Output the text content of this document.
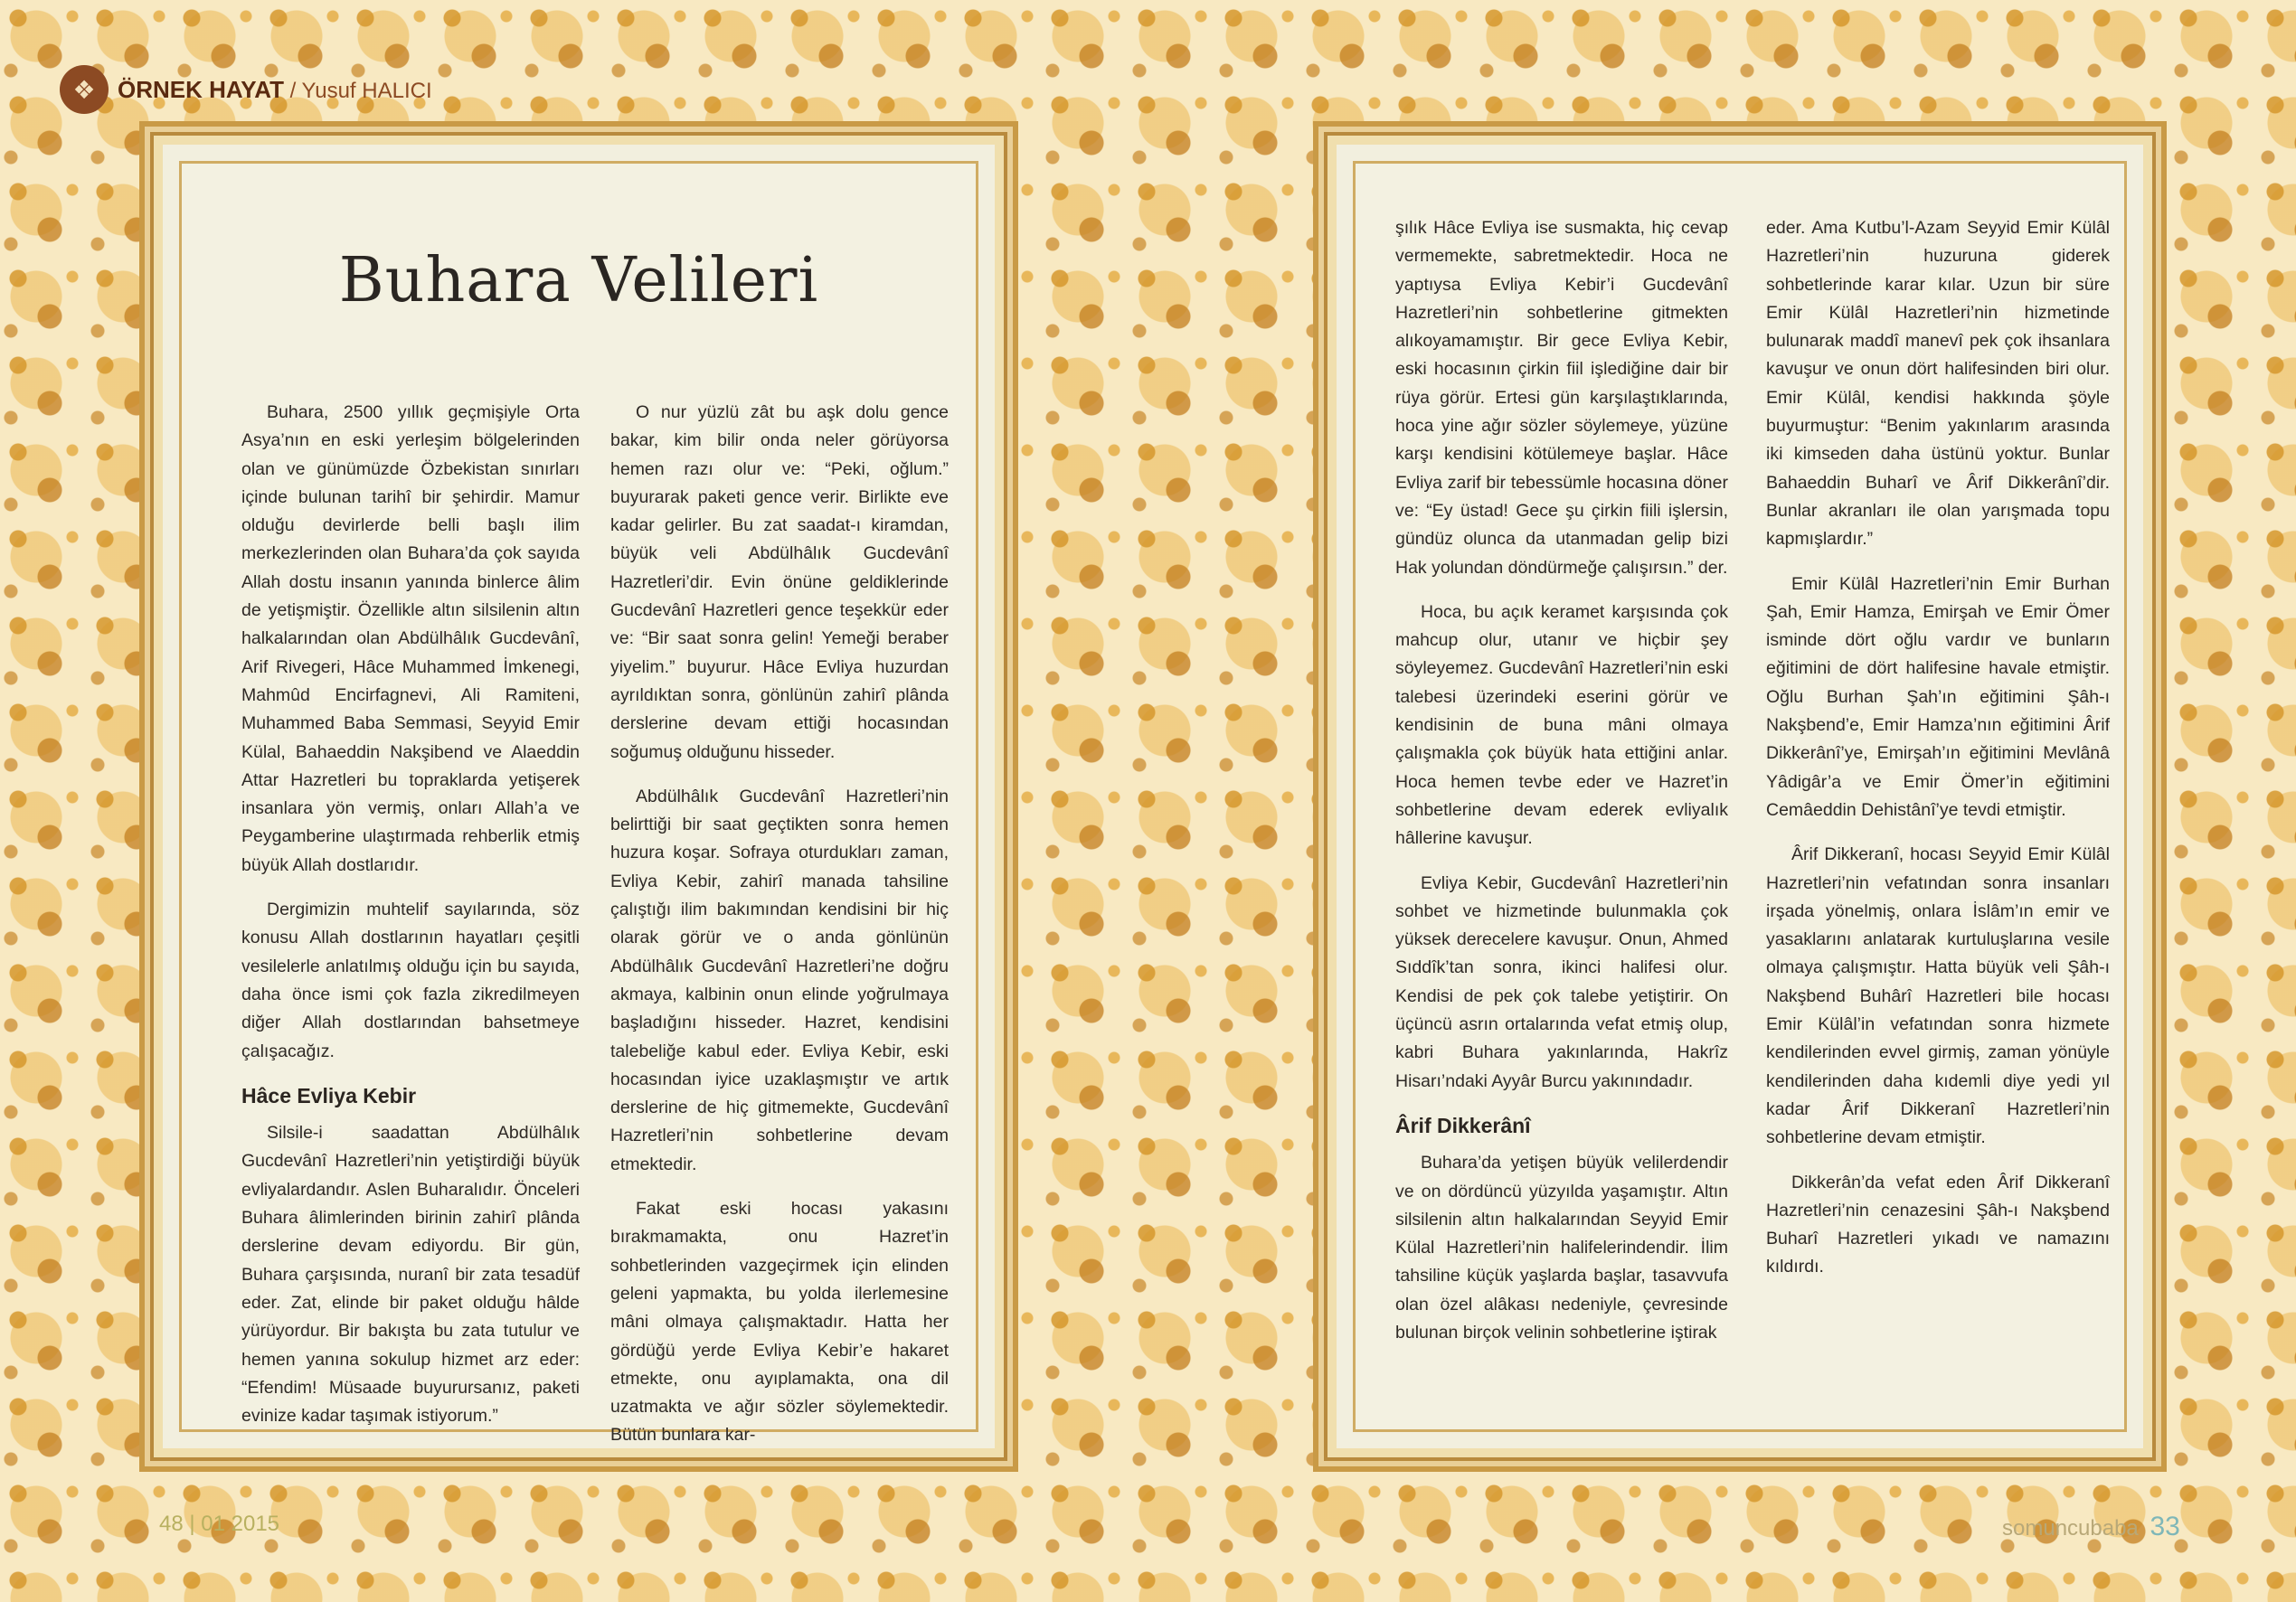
❖ ÖRNEK HAYAT / Yusuf HALICI
Buhara Velileri

Buhara, 2500 yıllık geçmişiyle Orta Asya’nın en eski yerleşim bölgelerinden olan ve günümüzde Özbekistan sınırları içinde bulunan tarihî bir şehirdir. Mamur olduğu devirlerde belli başlı ilim merkezlerinden olan Buhara’da çok sayıda Allah dostu insanın yanında binlerce âlim de yetişmiştir. Özellikle altın silsilenin altın halkalarından olan Abdülhâlık Gucdevânî, Arif Rivegeri, Hâce Muhammed İmkenegi, Mahmûd Encirfagnevi, Ali Ramiteni, Muhammed Baba Semmasi, Seyyid Emir Külal, Bahaeddin Nakşibend ve Alaeddin Attar Hazretleri bu topraklarda yetişerek insanlara yön vermiş, onları Allah’a ve Peygamberine ulaştırmada rehberlik etmiş büyük Allah dostlarıdır.

Dergimizin muhtelif sayılarında, söz konusu Allah dostlarının hayatları çeşitli vesilelerle anlatılmış olduğu için bu sayıda, daha önce ismi çok fazla zikredilmeyen diğer Allah dostlarından bahsetmeye çalışacağız.

Hâce Evliya Kebir

Silsile-i saadattan Abdülhâlık Gucdevânî Hazretleri’nin yetiştirdiği büyük evliyalardandır. Aslen Buharalıdır. Önceleri Buhara âlimlerinden birinin zahirî plânda derslerine devam ediyordu. Bir gün, Buhara çarşısında, nuranî bir zata tesadüf eder. Zat, elinde bir paket olduğu hâlde yürüyordur. Bir bakışta bu zata tutulur ve hemen yanına sokulup hizmet arz eder: “Efendim! Müsaade buyurursanız, paketi evinize kadar taşımak istiyorum.”

O nur yüzlü zât bu aşk dolu gence bakar, kim bilir onda neler görüyorsa hemen razı olur ve: “Peki, oğlum.” buyurarak paketi gence verir. Birlikte eve kadar gelirler. Bu zat saadat-ı kiramdan, büyük veli Abdülhâlık Gucdevânî Hazretleri’dir. Evin önüne geldiklerinde Gucdevânî Hazretleri gence teşekkür eder ve: “Bir saat sonra gelin! Yemeği beraber yiyelim.” buyurur. Hâce Evliya huzurdan ayrıldıktan sonra, gönlünün zahirî plânda derslerine devam ettiği hocasından soğumuş olduğunu hisseder.

Abdülhâlık Gucdevânî Hazretleri’nin belirttiği bir saat geçtikten sonra hemen huzura koşar. Sofraya oturdukları zaman, Evliya Kebir, zahirî manada tahsiline çalıştığı ilim bakımından kendisini bir hiç olarak görür ve o anda gönlünün Abdülhâlık Gucdevânî Hazretleri’ne doğru akmaya, kalbinin onun elinde yoğrulmaya başladığını hisseder. Hazret, kendisini talebeliğe kabul eder. Evliya Kebir, eski hocasından iyice uzaklaşmıştır ve artık derslerine de hiç gitmemekte, Gucdevânî Hazretleri’nin sohbetlerine devam etmektedir.

Fakat eski hocası yakasını bırakmamakta, onu Hazret’in sohbetlerinden vazgeçirmek için elinden geleni yapmakta, bu yolda ilerlemesine mâni olmaya çalışmaktadır. Hatta her gördüğü yerde Evliya Kebir’e hakaret etmekte, onu ayıplamakta, ona dil uzatmakta ve ağır sözler söylemektedir. Bütün bunlara kar-

şılık Hâce Evliya ise susmakta, hiç cevap vermemekte, sabretmektedir. Hoca ne yaptıysa Evliya Kebir’i Gucdevânî Hazretleri’nin sohbetlerine gitmekten alıkoyamamıştır. Bir gece Evliya Kebir, eski hocasının çirkin fiil işlediğine dair bir rüya görür. Ertesi gün karşılaştıklarında, hoca yine ağır sözler söylemeye, yüzüne karşı kendisini kötülemeye başlar. Hâce Evliya zarif bir tebessümle hocasına döner ve: “Ey üstad! Gece şu çirkin fiili işlersin, gündüz olunca da utanmadan gelip bizi Hak yolundan döndürmeğe çalışırsın.” der.

Hoca, bu açık keramet karşısında çok mahcup olur, utanır ve hiçbir şey söyleyemez. Gucdevânî Hazretleri’nin eski talebesi üzerindeki eserini görür ve kendisinin de buna mâni olmaya çalışmakla çok büyük hata ettiğini anlar. Hoca hemen tevbe eder ve Hazret’in sohbetlerine devam ederek evliyalık hâllerine kavuşur.

Evliya Kebir, Gucdevânî Hazretleri’nin sohbet ve hizmetinde bulunmakla çok yüksek derecelere kavuşur. Onun, Ahmed Sıddîk’tan sonra, ikinci halifesi olur. Kendisi de pek çok talebe yetiştirir. On üçüncü asrın ortalarında vefat etmiş olup, kabri Buhara yakınlarında, Hakrîz Hisarı’ndaki Ayyâr Burcu yakınındadır.

Ârif Dikkerânî

Buhara’da yetişen büyük velilerdendir ve on dördüncü yüzyılda yaşamıştır. Altın silsilenin altın halkalarından Seyyid Emir Külal Hazretleri’nin halifelerindendir. İlim tahsiline küçük yaşlarda başlar, tasavvufa olan özel alâkası nedeniyle, çevresinde bulunan birçok velinin sohbetlerine iştirak

eder. Ama Kutbu’l-Azam Seyyid Emir Külâl Hazretleri’nin huzuruna giderek sohbetlerinde karar kılar. Uzun bir süre Emir Külâl Hazretleri’nin hizmetinde bulunarak maddî manevî pek çok ihsanlara kavuşur ve onun dört halifesinden biri olur. Emir Külâl, kendisi hakkında şöyle buyurmuştur: “Benim yakınlarım arasında iki kimseden daha üstünü yoktur. Bunlar Bahaeddin Buharî ve Ârif Dikkerânî’dir. Bunlar akranları ile olan yarışmada topu kapmışlardır.”

Emir Külâl Hazretleri’nin Emir Burhan Şah, Emir Hamza, Emirşah ve Emir Ömer isminde dört oğlu vardır ve bunların eğitimini de dört halifesine havale etmiştir. Oğlu Burhan Şah’ın eğitimini Şâh-ı Nakşbend’e, Emir Hamza’nın eğitimini Ârif Dikkerânî’ye, Emirşah’ın eğitimini Mevlânâ Yâdigâr’a ve Emir Ömer’in eğitimini Cemâeddin Dehistânî’ye tevdi etmiştir.

Ârif Dikkeranî, hocası Seyyid Emir Külâl Hazretleri’nin vefatından sonra insanları irşada yönelmiş, onlara İslâm’ın emir ve yasaklarını anlatarak kurtuluşlarına vesile olmaya çalışmıştır. Hatta büyük veli Şâh-ı Nakşbend Buhârî Hazretleri bile hocası Emir Külâl’in vefatından sonra hizmete kendilerinden evvel girmiş, zaman yönüyle kendilerinden daha kıdemli diye yedi yıl kadar Ârif Dikkeranî Hazretleri’nin sohbetlerine devam etmiştir.

Dikkerân’da vefat eden Ârif Dikkeranî Hazretleri’nin cenazesini Şâh-ı Nakşbend Buharî Hazretleri yıkadı ve namazını kıldırdı.

48 | 01 2015	somuncubaba 33
